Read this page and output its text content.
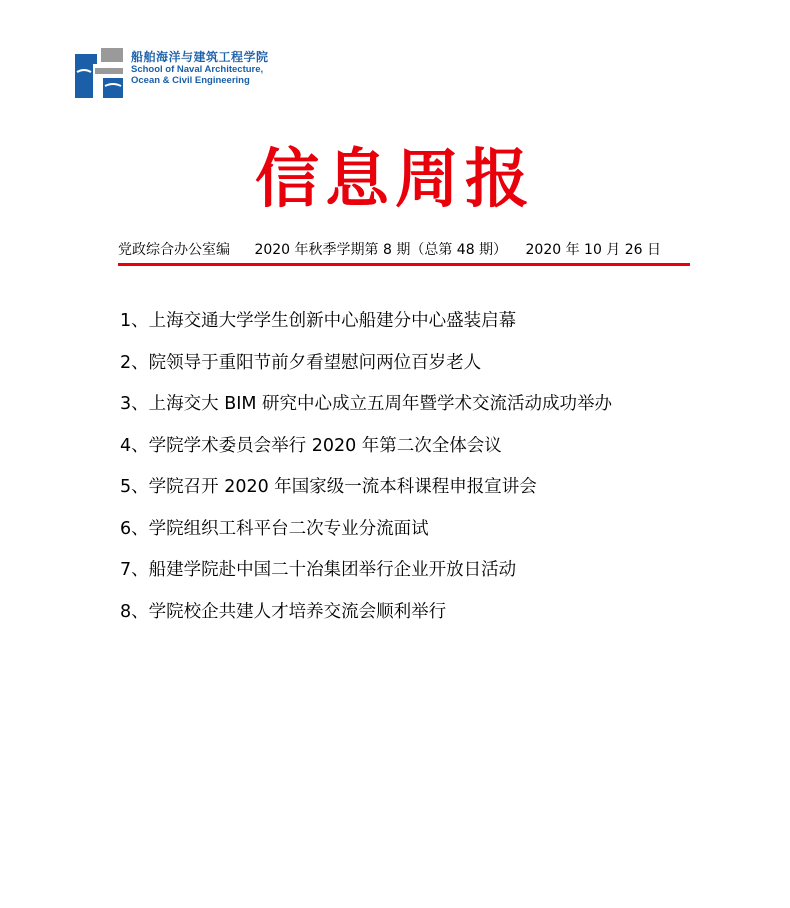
船舶海洋与建筑工程学院
School of Naval Architecture,
Ocean & Civil Engineering
信息周报
党政综合办公室编 2020 年秋季学期第 8 期（总第 48 期） 2020 年 10 月 26 日
1、上海交通大学学生创新中心船建分中心盛装启幕
2、院领导于重阳节前夕看望慰问两位百岁老人
3、上海交大 BIM 研究中心成立五周年暨学术交流活动成功举办
4、学院学术委员会举行 2020 年第二次全体会议
5、学院召开 2020 年国家级一流本科课程申报宣讲会
6、学院组织工科平台二次专业分流面试
7、船建学院赴中国二十冶集团举行企业开放日活动
8、学院校企共建人才培养交流会顺利举行
